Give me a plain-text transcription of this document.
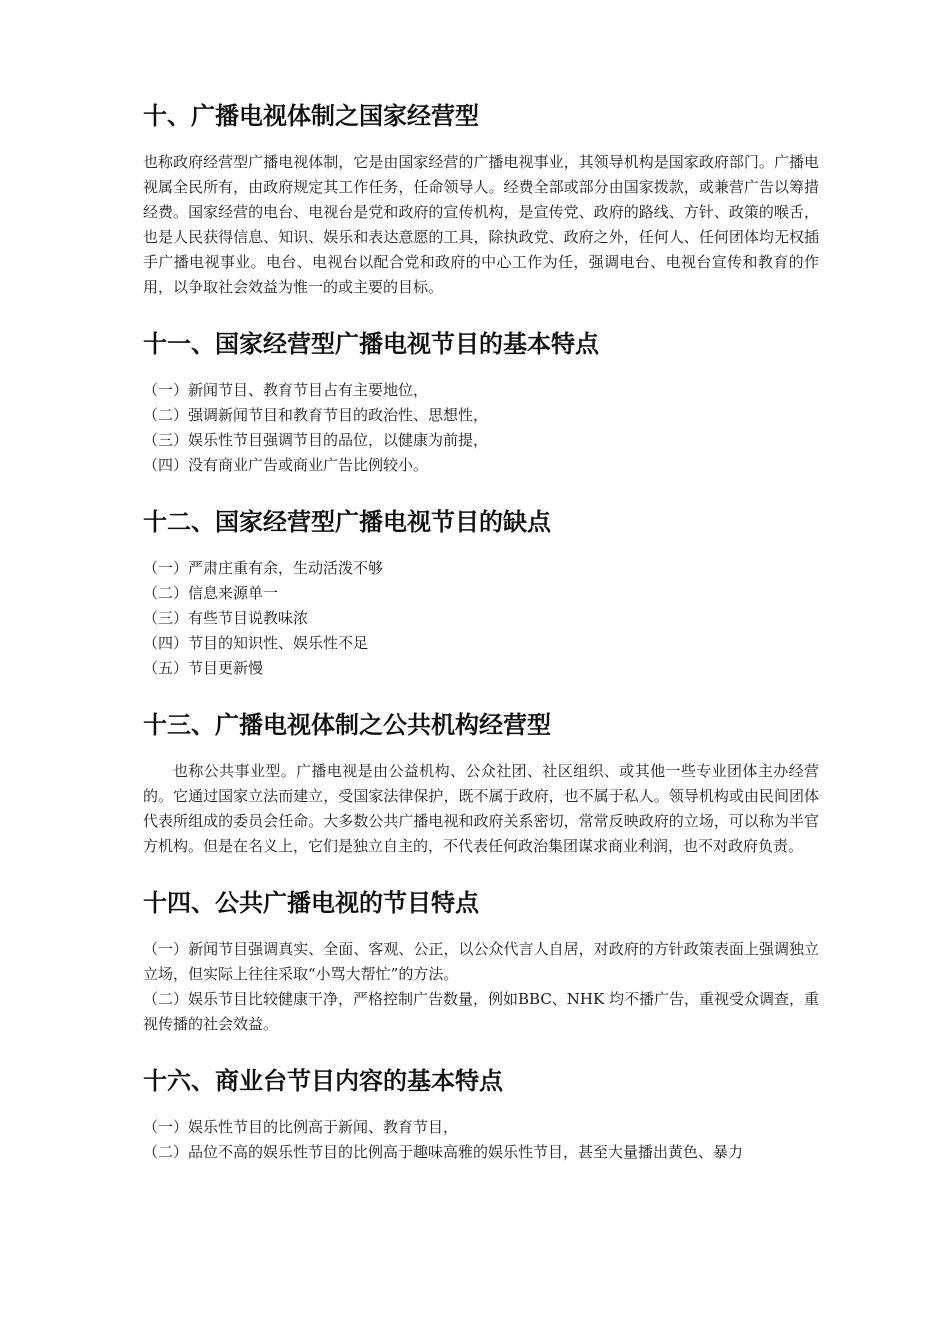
十、广播电视体制之国家经营型

也称政府经营型广播电视体制，它是由国家经营的广播电视事业，其领导机构是国家政府部门。广播电视属全民所有，由政府规定其工作任务，任命领导人。经费全部或部分由国家拨款，或兼营广告以筹措经费。国家经营的电台、电视台是党和政府的宣传机构，是宣传党、政府的路线、方针、政策的喉舌，也是人民获得信息、知识、娱乐和表达意愿的工具，除执政党、政府之外，任何人、任何团体均无权插手广播电视事业。电台、电视台以配合党和政府的中心工作为任，强调电台、电视台宣传和教育的作用，以争取社会效益为惟一的或主要的目标。

十一、国家经营型广播电视节目的基本特点
（一）新闻节目、教育节目占有主要地位，
（二）强调新闻节目和教育节目的政治性、思想性，
（三）娱乐性节目强调节目的品位，以健康为前提，
（四）没有商业广告或商业广告比例较小。
十二、国家经营型广播电视节目的缺点
（一）严肃庄重有余，生动活泼不够
（二）信息来源单一
（三）有些节目说教味浓
（四）节目的知识性、娱乐性不足
（五）节目更新慢
十三、广播电视体制之公共机构经营型

也称公共事业型。广播电视是由公益机构、公众社团、社区组织、或其他一些专业团体主办经营的。它通过国家立法而建立，受国家法律保护，既不属于政府，也不属于私人。领导机构或由民间团体代表所组成的委员会任命。大多数公共广播电视和政府关系密切，常常反映政府的立场，可以称为半官方机构。但是在名义上，它们是独立自主的，不代表任何政治集团谋求商业利润，也不对政府负责。

十四、公共广播电视的节目特点
（一）新闻节目强调真实、全面、客观、公正，以公众代言人自居，对政府的方针政策表面上强调独立立场，但实际上往往采取“小骂大帮忙”的方法。
（二）娱乐节目比较健康干净，严格控制广告数量，例如BBC、NHK 均不播广告，重视受众调查，重视传播的社会效益。
十六、商业台节目内容的基本特点
（一）娱乐性节目的比例高于新闻、教育节目，
（二）品位不高的娱乐性节目的比例高于趣味高雅的娱乐性节目，甚至大量播出黄色、暴力
